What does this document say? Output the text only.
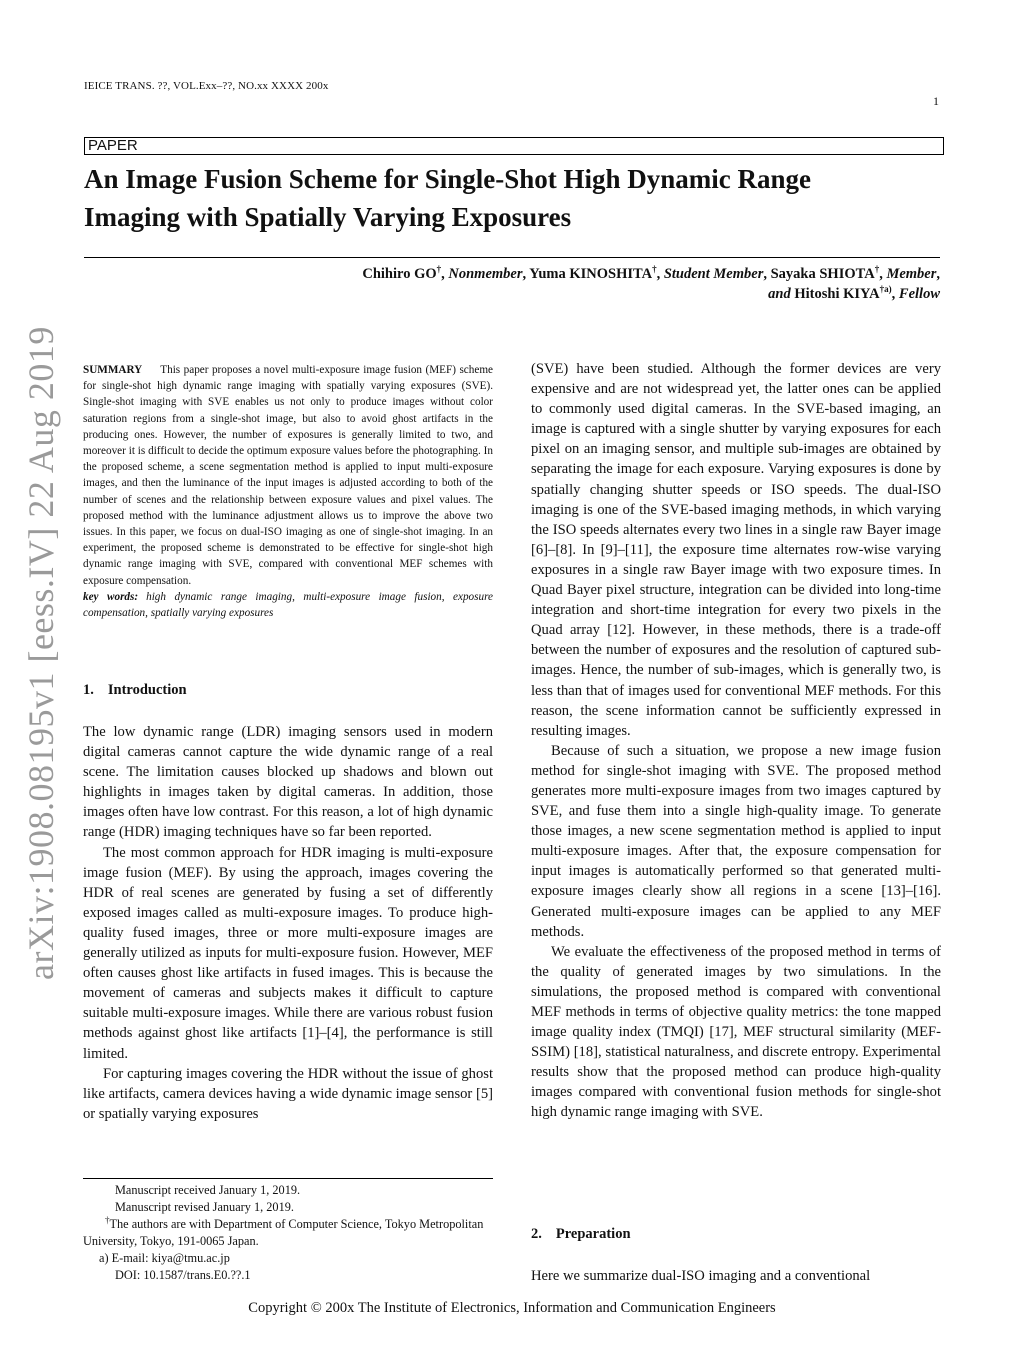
IEICE TRANS. ??, VOL.Exx–??, NO.xx XXXX 200x
1
PAPER
An Image Fusion Scheme for Single-Shot High Dynamic Range
Imaging with Spatially Varying Exposures
Chihiro GO†, Nonmember, Yuma KINOSHITA†, Student Member, Sayaka SHIOTA†, Member,
and Hitoshi KIYA$^{\dagger a)}$, Fellow
arXiv:1908.08195v1 [eess.IV] 22 Aug 2019 SUMMARY This paper proposes a novel multi-exposure image fusion (MEF) scheme for single-shot high dynamic range imaging with spatially varying exposures (SVE). Single-shot imaging with SVE enables us not only to produce images without color saturation regions from a single-shot image, but also to avoid ghost artifacts in the producing ones. However, the number of exposures is generally limited to two, and moreover it is difficult to decide the optimum exposure values before the photographing. In the proposed scheme, a scene segmentation method is applied to input multi-exposure images, and then the luminance of the input images is adjusted according to both of the number of scenes and the relationship between exposure values and pixel values. The proposed method with the luminance adjustment allows us to improve the above two issues. In this paper, we focus on dual-ISO imaging as one of single-shot imaging. In an experiment, the proposed scheme is demonstrated to be effective for single-shot high dynamic range imaging with SVE, compared with conventional MEF schemes with exposure compensation.
key words: high dynamic range imaging, multi-exposure image fusion, exposure compensation, spatially varying exposures
1. Introduction

The low dynamic range (LDR) imaging sensors used in modern digital cameras cannot capture the wide dynamic range of a real scene. The limitation causes blocked up shadows and blown out highlights in images taken by digital cameras. In addition, those images often have low contrast. For this reason, a lot of high dynamic range (HDR) imaging techniques have so far been reported.

The most common approach for HDR imaging is multi-exposure image fusion (MEF). By using the approach, images covering the HDR of real scenes are generated by fusing a set of differently exposed images called as multi-exposure images. To produce high-quality fused images, three or more multi-exposure images are generally utilized as inputs for multi-exposure fusion. However, MEF often causes ghost like artifacts in fused images. This is because the movement of cameras and subjects makes it difficult to capture suitable multi-exposure images. While there are various robust fusion methods against ghost like artifacts [1]–[4], the performance is still limited.

For capturing images covering the HDR without the issue of ghost like artifacts, camera devices having a wide dynamic image sensor [5] or spatially varying exposures

Manuscript received January 1, 2019.
Manuscript revised January 1, 2019.
†The authors are with Department of Computer Science, Tokyo Metropolitan University, Tokyo, 191-0065 Japan.
a) E-mail: kiya@tmu.ac.jp
DOI: 10.1587/trans.E0.??.1

(SVE) have been studied. Although the former devices are very expensive and are not widespread yet, the latter ones can be applied to commonly used digital cameras. In the SVE-based imaging, an image is captured with a single shutter by varying exposures for each pixel on an imaging sensor, and multiple sub-images are obtained by separating the image for each exposure. Varying exposures is done by spatially changing shutter speeds or ISO speeds. The dual-ISO imaging is one of the SVE-based imaging methods, in which varying the ISO speeds alternates every two lines in a single raw Bayer image [6]–[8]. In [9]–[11], the exposure time alternates row-wise varying exposures in a single raw Bayer image with two exposure times. In Quad Bayer pixel structure, integration can be divided into long-time integration and short-time integration for every two pixels in the Quad array [12]. However, in these methods, there is a trade-off between the number of exposures and the resolution of captured sub-images. Hence, the number of sub-images, which is generally two, is less than that of images used for conventional MEF methods. For this reason, the scene information cannot be sufficiently expressed in resulting images.

Because of such a situation, we propose a new image fusion method for single-shot imaging with SVE. The proposed method generates more multi-exposure images from two images captured by SVE, and fuse them into a single high-quality image. To generate those images, a new scene segmentation method is applied to input multi-exposure images. After that, the exposure compensation for input images is automatically performed so that generated multi-exposure images clearly show all regions in a scene [13]–[16]. Generated multi-exposure images can be applied to any MEF methods.

We evaluate the effectiveness of the proposed method in terms of the quality of generated images by two simulations. In the simulations, the proposed method is compared with conventional MEF methods in terms of objective quality metrics: the tone mapped image quality index (TMQI) [17], MEF structural similarity (MEF-SSIM) [18], statistical naturalness, and discrete entropy. Experimental results show that the proposed method can produce high-quality images compared with conventional fusion methods for single-shot high dynamic range imaging with SVE.

2. Preparation

Here we summarize dual-ISO imaging and a conventional

Copyright © 200x The Institute of Electronics, Information and Communication Engineers
